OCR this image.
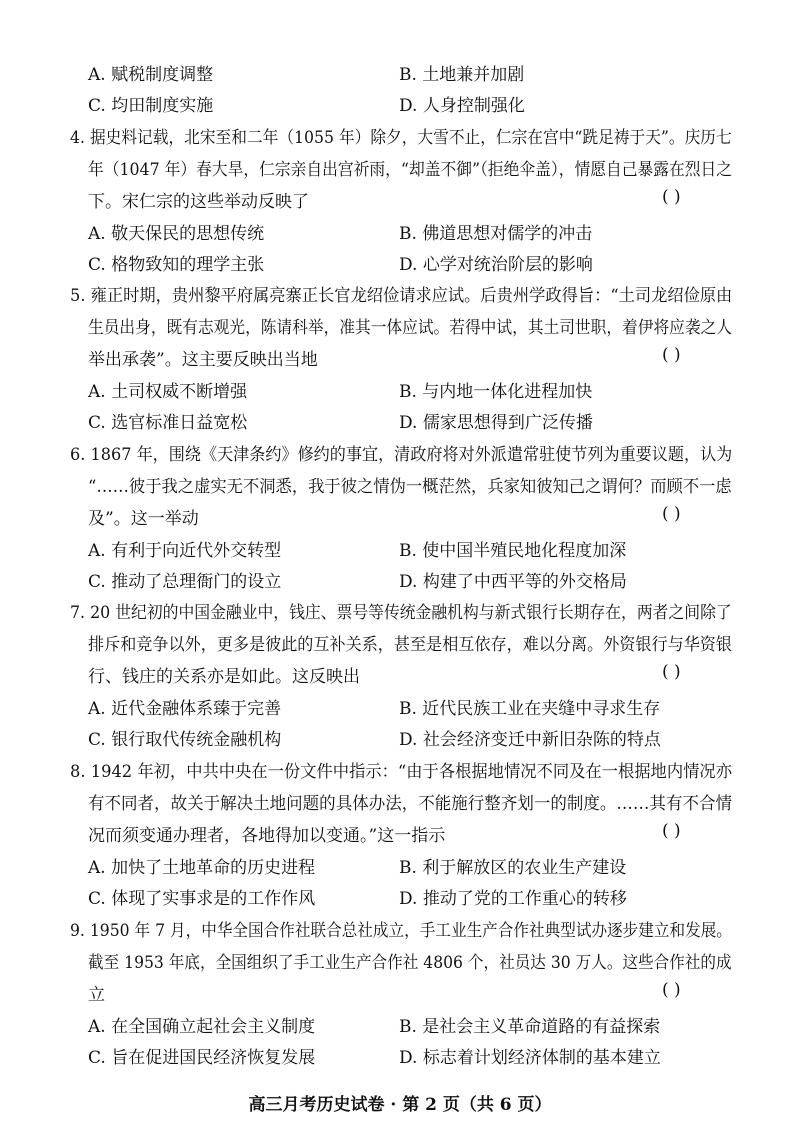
A. 赋税制度调整	B. 土地兼并加剧
C. 均田制度实施	D. 人身控制强化
4. 据史料记载，北宋至和二年（1055 年）除夕，大雪不止，仁宗在宫中“跣足祷于天”。庆历七
年（1047 年）春大旱，仁宗亲自出宫祈雨，“却盖不御”（拒绝伞盖），情愿自己暴露在烈日之
下。宋仁宗的这些举动反映了	( )
A. 敬天保民的思想传统	B. 佛道思想对儒学的冲击
C. 格物致知的理学主张	D. 心学对统治阶层的影响
5. 雍正时期，贵州黎平府属亮寨正长官龙绍俭请求应试。后贵州学政得旨：“土司龙绍俭原由
生员出身，既有志观光，陈请科举，准其一体应试。若得中试，其土司世职，着伊将应袭之人
举出承袭”。这主要反映出当地	( )
A. 土司权威不断增强	B. 与内地一体化进程加快
C. 选官标准日益宽松	D. 儒家思想得到广泛传播
6. 1867 年，围绕《天津条约》修约的事宜，清政府将对外派遣常驻使节列为重要议题，认为
“……彼于我之虚实无不洞悉，我于彼之情伪一概茫然，兵家知彼知己之谓何？而顾不一虑
及”。这一举动	( )
A. 有利于向近代外交转型	B. 使中国半殖民地化程度加深
C. 推动了总理衙门的设立	D. 构建了中西平等的外交格局
7. 20 世纪初的中国金融业中，钱庄、票号等传统金融机构与新式银行长期存在，两者之间除了
排斥和竞争以外，更多是彼此的互补关系，甚至是相互依存，难以分离。外资银行与华资银
行、钱庄的关系亦是如此。这反映出	( )
A. 近代金融体系臻于完善	B. 近代民族工业在夹缝中寻求生存
C. 银行取代传统金融机构	D. 社会经济变迁中新旧杂陈的特点
8. 1942 年初，中共中央在一份文件中指示：“由于各根据地情况不同及在一根据地内情况亦
有不同者，故关于解决土地问题的具体办法，不能施行整齐划一的制度。……其有不合情
况而须变通办理者，各地得加以变通。”这一指示	( )
A. 加快了土地革命的历史进程	B. 利于解放区的农业生产建设
C. 体现了实事求是的工作作风	D. 推动了党的工作重心的转移
9. 1950 年 7 月，中华全国合作社联合总社成立，手工业生产合作社典型试办逐步建立和发展。
截至 1953 年底，全国组织了手工业生产合作社 4806 个，社员达 30 万人。这些合作社的成
立	( )
A. 在全国确立起社会主义制度	B. 是社会主义革命道路的有益探索
C. 旨在促进国民经济恢复发展	D. 标志着计划经济体制的基本建立
高三月考历史试卷 · 第 2 页（共 6 页）
